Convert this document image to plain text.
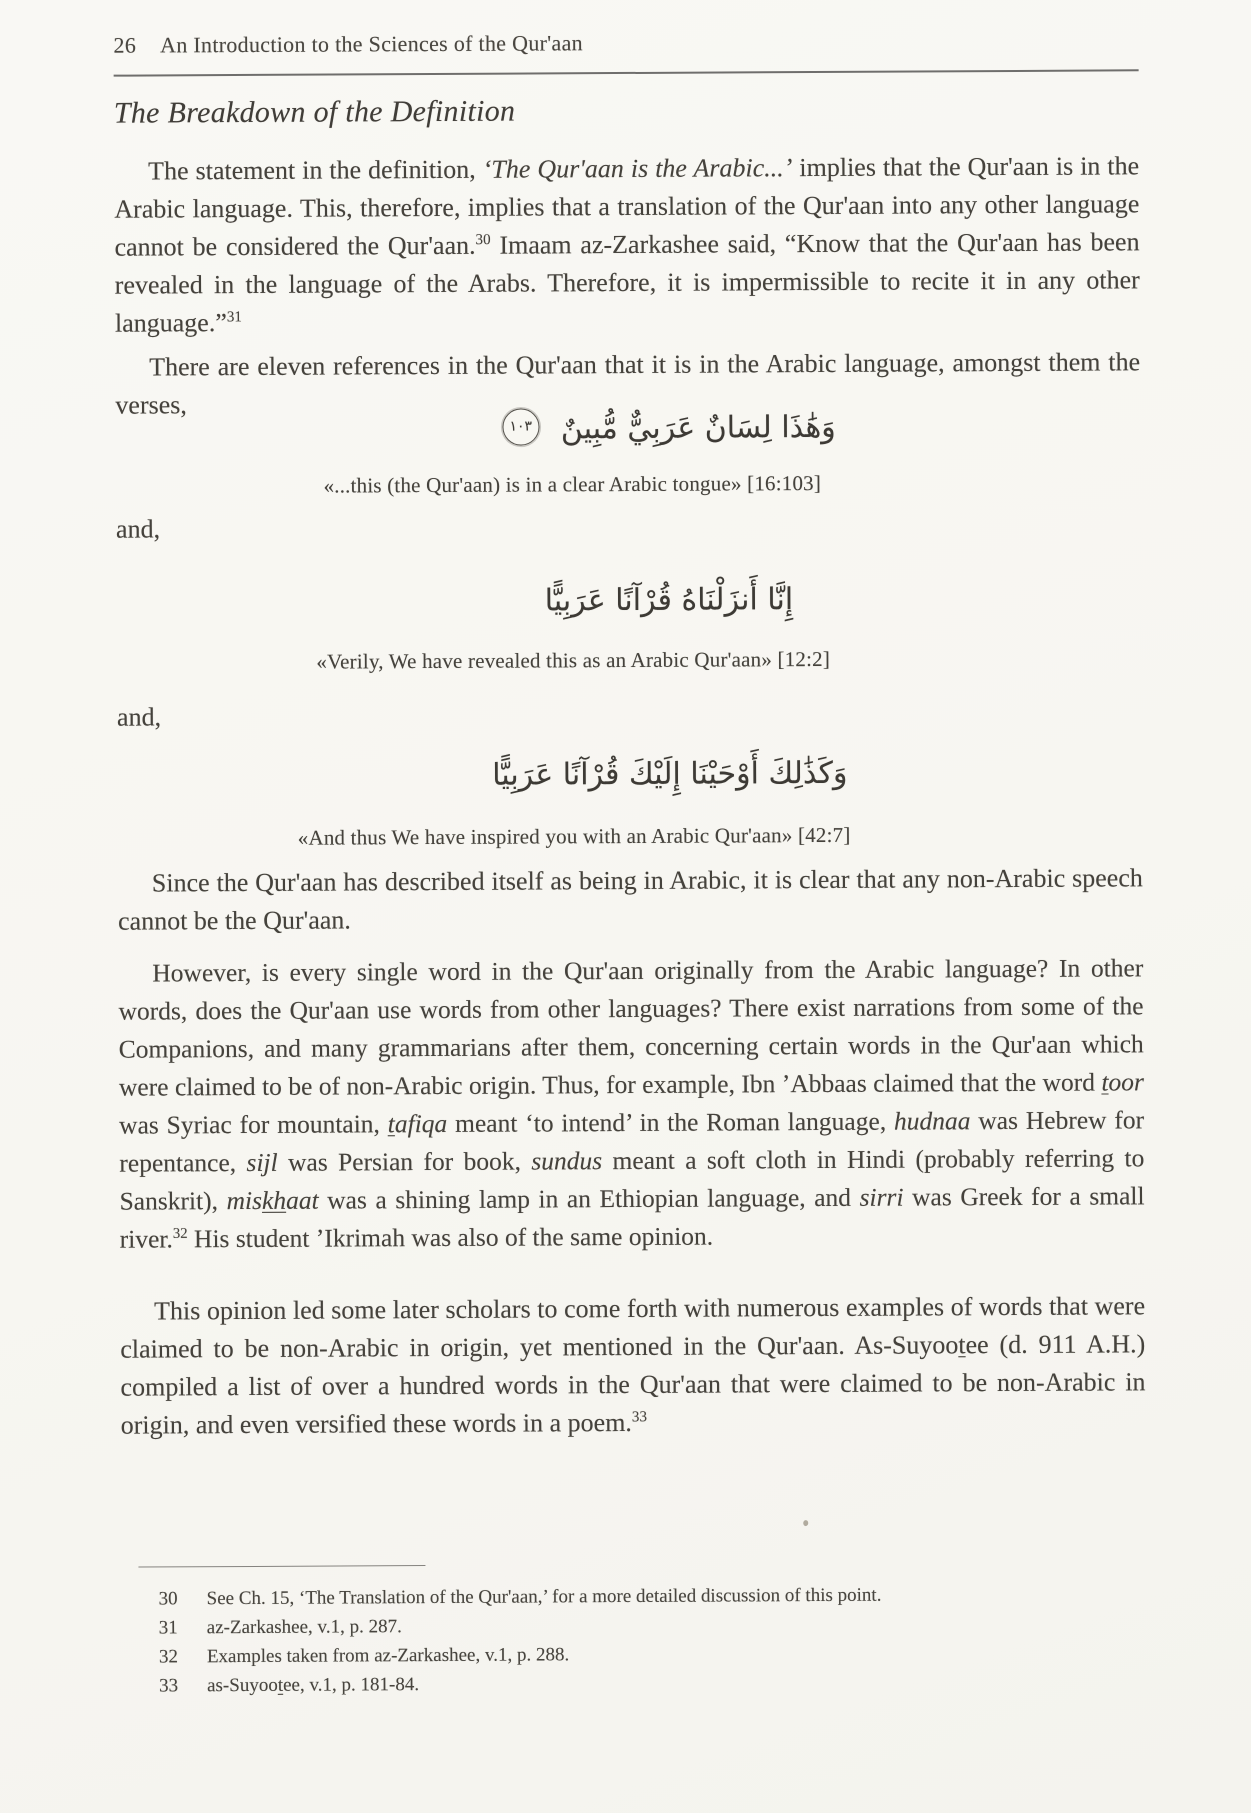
26 An Introduction to the Sciences of the Qur'aan
The Breakdown of the Definition

The statement in the definition, ‘The Qur'aan is the Arabic...’ implies that the Qur'aan is in the Arabic language. This, therefore, implies that a translation of the Qur'aan into any other language cannot be considered the Qur'aan.$^{30}$ Imaam az-Zarkashee said, “Know that the Qur'aan has been revealed in the language of the Arabs. Therefore, it is impermissible to recite it in any other language.”$^{31}$

There are eleven references in the Qur'aan that it is in the Arabic language, amongst them the verses,

وَهَٰذَا لِسَانٌ عَرَبِيٌّ مُّبِينٌ ١٠٣
«...this (the Qur'aan) is in a clear Arabic tongue» [16:103]
and,
إِنَّا أَنزَلْنَاهُ قُرْآنًا عَرَبِيًّا
«Verily, We have revealed this as an Arabic Qur'aan» [12:2]
and,
وَكَذَٰلِكَ أَوْحَيْنَا إِلَيْكَ قُرْآنًا عَرَبِيًّا
«And thus We have inspired you with an Arabic Qur'aan» [42:7]

Since the Qur'aan has described itself as being in Arabic, it is clear that any non-Arabic speech cannot be the Qur'aan.

However, is every single word in the Qur'aan originally from the Arabic language? In other words, does the Qur'aan use words from other languages? There exist narrations from some of the Companions, and many grammarians after them, concerning certain words in the Qur'aan which were claimed to be of non-Arabic origin. Thus, for example, Ibn ’Abbaas claimed that the word toor was Syriac for mountain, tafiqa meant ‘to intend’ in the Roman language, hudnaa was Hebrew for repentance, sijl was Persian for book, sundus meant a soft cloth in Hindi (probably referring to Sanskrit), miskhaat was a shining lamp in an Ethiopian language, and sirri was Greek for a small river.$^{32}$ His student ’Ikrimah was also of the same opinion.

This opinion led some later scholars to come forth with numerous examples of words that were claimed to be non-Arabic in origin, yet mentioned in the Qur'aan. As-Suyootee (d. 911 A.H.) compiled a list of over a hundred words in the Qur'aan that were claimed to be non-Arabic in origin, and even versified these words in a poem.$^{33}$

30	See Ch. 15, ‘The Translation of the Qur'aan,’ for a more detailed discussion of this point.
31	az-Zarkashee, v.1, p. 287.
32	Examples taken from az-Zarkashee, v.1, p. 288.
33	as-Suyootee, v.1, p. 181-84.
